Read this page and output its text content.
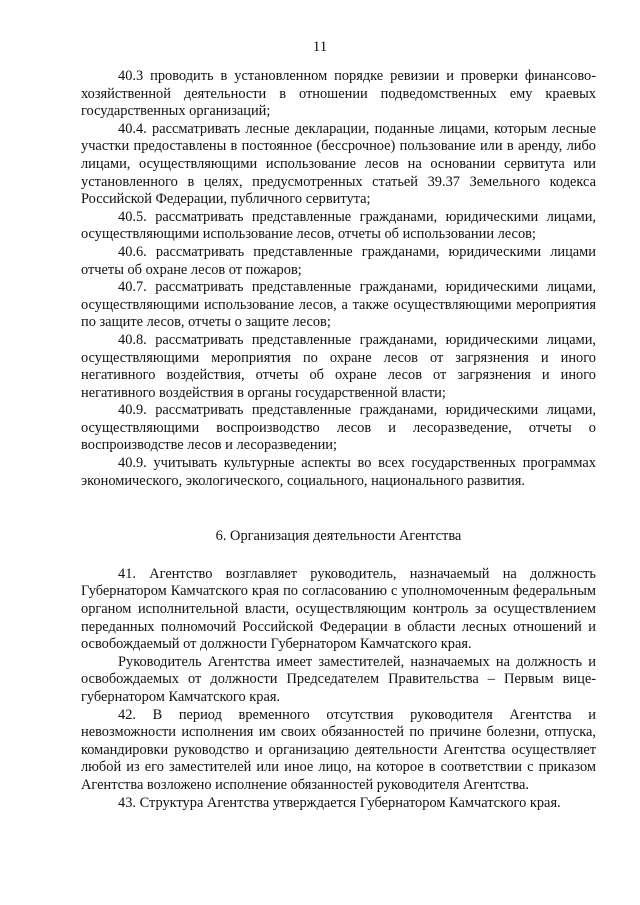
11

40.3 проводить в установленном порядке ревизии и проверки финансово-хозяйственной деятельности в отношении подведомственных ему краевых государственных организаций;

40.4. рассматривать лесные декларации, поданные лицами, которым лесные участки предоставлены в постоянное (бессрочное) пользование или в аренду, либо лицами, осуществляющими использование лесов на основании сервитута или установленного в целях, предусмотренных статьей 39.37 Земельного кодекса Российской Федерации, публичного сервитута;

40.5. рассматривать представленные гражданами, юридическими лицами, осуществляющими использование лесов, отчеты об использовании лесов;

40.6. рассматривать представленные гражданами, юридическими лицами отчеты об охране лесов от пожаров;

40.7. рассматривать представленные гражданами, юридическими лицами, осуществляющими использование лесов, а также осуществляющими мероприятия по защите лесов, отчеты о защите лесов;

40.8. рассматривать представленные гражданами, юридическими лицами, осуществляющими мероприятия по охране лесов от загрязнения и иного негативного воздействия, отчеты об охране лесов от загрязнения и иного негативного воздействия в органы государственной власти;

40.9. рассматривать представленные гражданами, юридическими лицами, осуществляющими воспроизводство лесов и лесоразведение, отчеты о воспроизводстве лесов и лесоразведении;

40.9. учитывать культурные аспекты во всех государственных программах экономического, экологического, социального, национального развития.

6. Организация деятельности Агентства

41. Агентство возглавляет руководитель, назначаемый на должность Губернатором Камчатского края по согласованию с уполномоченным федеральным органом исполнительной власти, осуществляющим контроль за осуществлением переданных полномочий Российской Федерации в области лесных отношений и освобождаемый от должности Губернатором Камчатского края.

Руководитель Агентства имеет заместителей, назначаемых на должность и освобождаемых от должности Председателем Правительства – Первым вице-губернатором Камчатского края.

42. В период временного отсутствия руководителя Агентства и невозможности исполнения им своих обязанностей по причине болезни, отпуска, командировки руководство и организацию деятельности Агентства осуществляет любой из его заместителей или иное лицо, на которое в соответствии с приказом Агентства возложено исполнение обязанностей руководителя Агентства.

43. Структура Агентства утверждается Губернатором Камчатского края.
